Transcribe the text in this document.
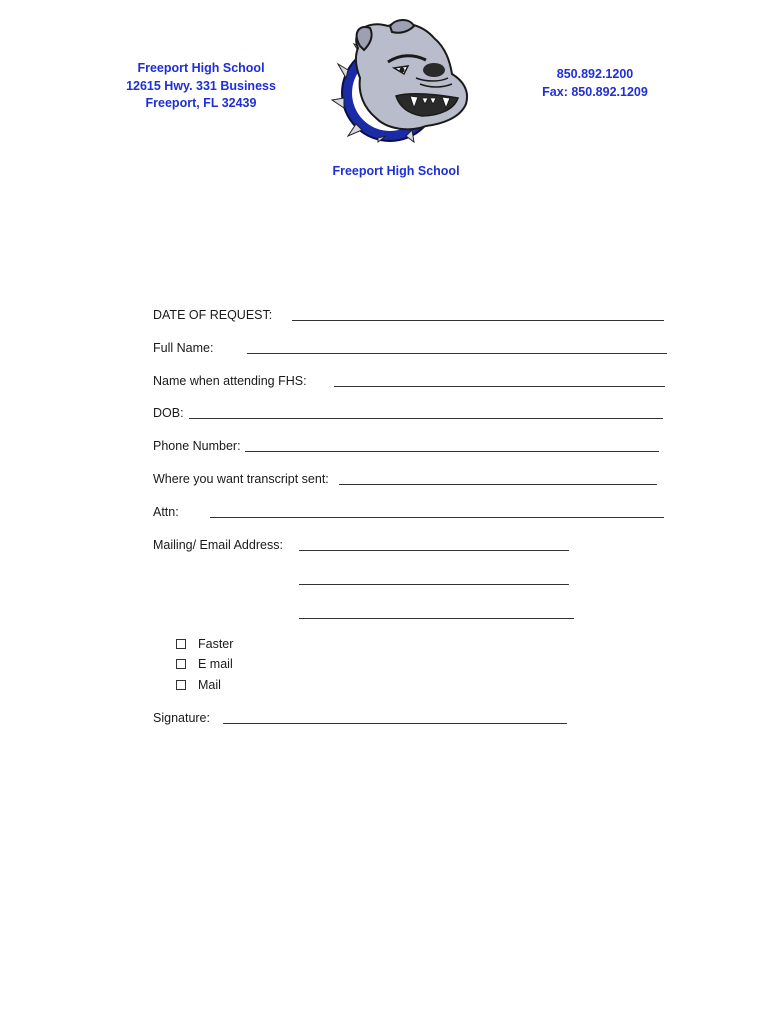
Freeport High School
12615 Hwy. 331 Business
Freeport, FL 32439
850.892.1200
Fax: 850.892.1209
Freeport High School
DATE OF REQUEST:
Full Name:
Name when attending FHS:
DOB:
Phone Number:
Where you want transcript sent:
Attn:
Mailing/ Email Address:
Faster
E mail
Mail
Signature:
